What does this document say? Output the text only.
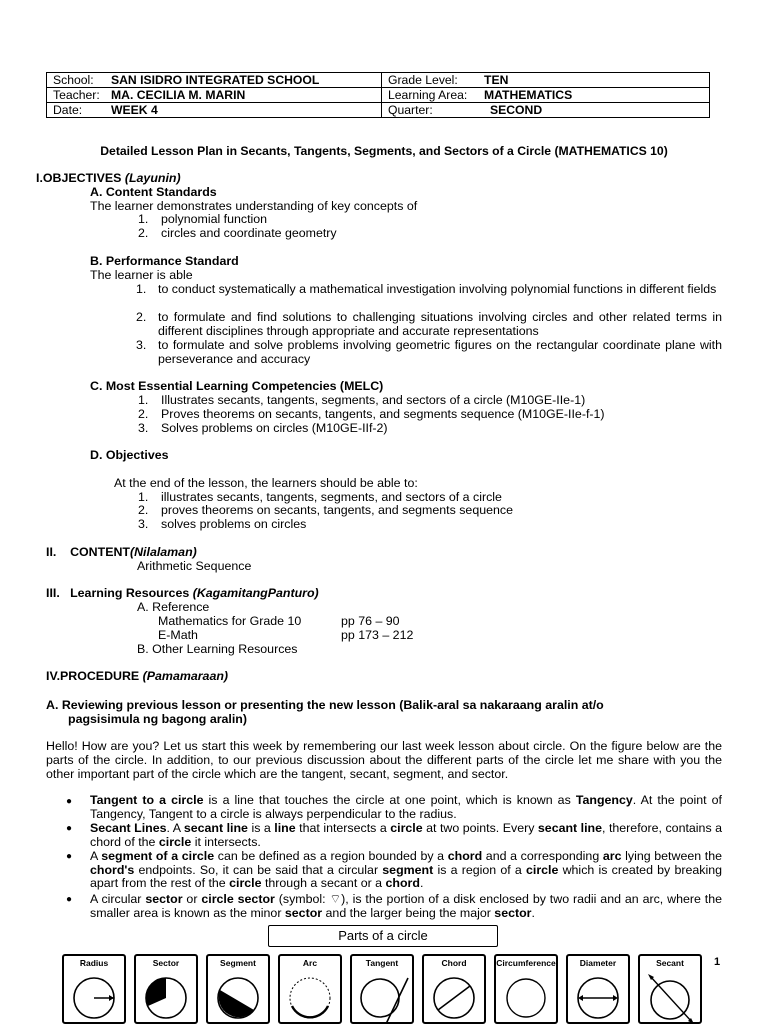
School: SAN ISIDRO INTEGRATED SCHOOL	Grade Level: TEN
Teacher: MA. CECILIA M. MARIN	Learning Area: MATHEMATICS
Date: WEEK 4	Quarter: SECOND
Detailed Lesson Plan in Secants, Tangents, Segments, and Sectors of a Circle (MATHEMATICS 10)
I.OBJECTIVES (Layunin)
A. Content Standards
The learner demonstrates understanding of key concepts of
1. polynomial function
2. circles and coordinate geometry
B. Performance Standard
The learner is able
1. to conduct systematically a mathematical investigation involving polynomial functions in different fields
2. to formulate and find solutions to challenging situations involving circles and other related terms in different disciplines through appropriate and accurate representations
3. to formulate and solve problems involving geometric figures on the rectangular coordinate plane with perseverance and accuracy
C. Most Essential Learning Competencies (MELC)
1. Illustrates secants, tangents, segments, and sectors of a circle (M10GE-IIe-1)
2. Proves theorems on secants, tangents, and segments sequence (M10GE-IIe-f-1)
3. Solves problems on circles (M10GE-IIf-2)
D. Objectives
At the end of the lesson, the learners should be able to:
1. illustrates secants, tangents, segments, and sectors of a circle
2. proves theorems on secants, tangents, and segments sequence
3. solves problems on circles
II.    CONTENT(Nilalaman)
Arithmetic Sequence
III.   Learning Resources (KagamitangPanturo)
A. Reference
Mathematics for Grade 10	pp 76 – 90
E-Math	pp 173 – 212
B. Other Learning Resources
IV.PROCEDURE (Pamamaraan)
A. Reviewing previous lesson or presenting the new lesson (Balik-aral sa nakaraang aralin at/o
pagsisimula ng bagong aralin)
Hello! How are you? Let us start this week by remembering our last week lesson about circle. On the figure below are the parts of the circle. In addition, to our previous discussion about the different parts of the circle let me share with you the other important part of the circle which are the tangent, secant, segment, and sector.
● Tangent to a circle is a line that touches the circle at one point, which is known as Tangency. At the point of Tangency, Tangent to a circle is always perpendicular to the radius.
● Secant Lines. A secant line is a line that intersects a circle at two points. Every secant line, therefore, contains a chord of the circle it intersects.
● A segment of a circle can be defined as a region bounded by a chord and a corresponding arc lying between the chord's endpoints. So, it can be said that a circular segment is a region of a circle which is created by breaking apart from the rest of the circle through a secant or a chord.
● A circular sector or circle sector (symbol: ⌔), is the portion of a disk enclosed by two radii and an arc, where the smaller area is known as the minor sector and the larger being the major sector.
Parts of a circle
Radius	Sector	Segment	Arc	Tangent	Chord	Circumference	Diameter	Secant	1
